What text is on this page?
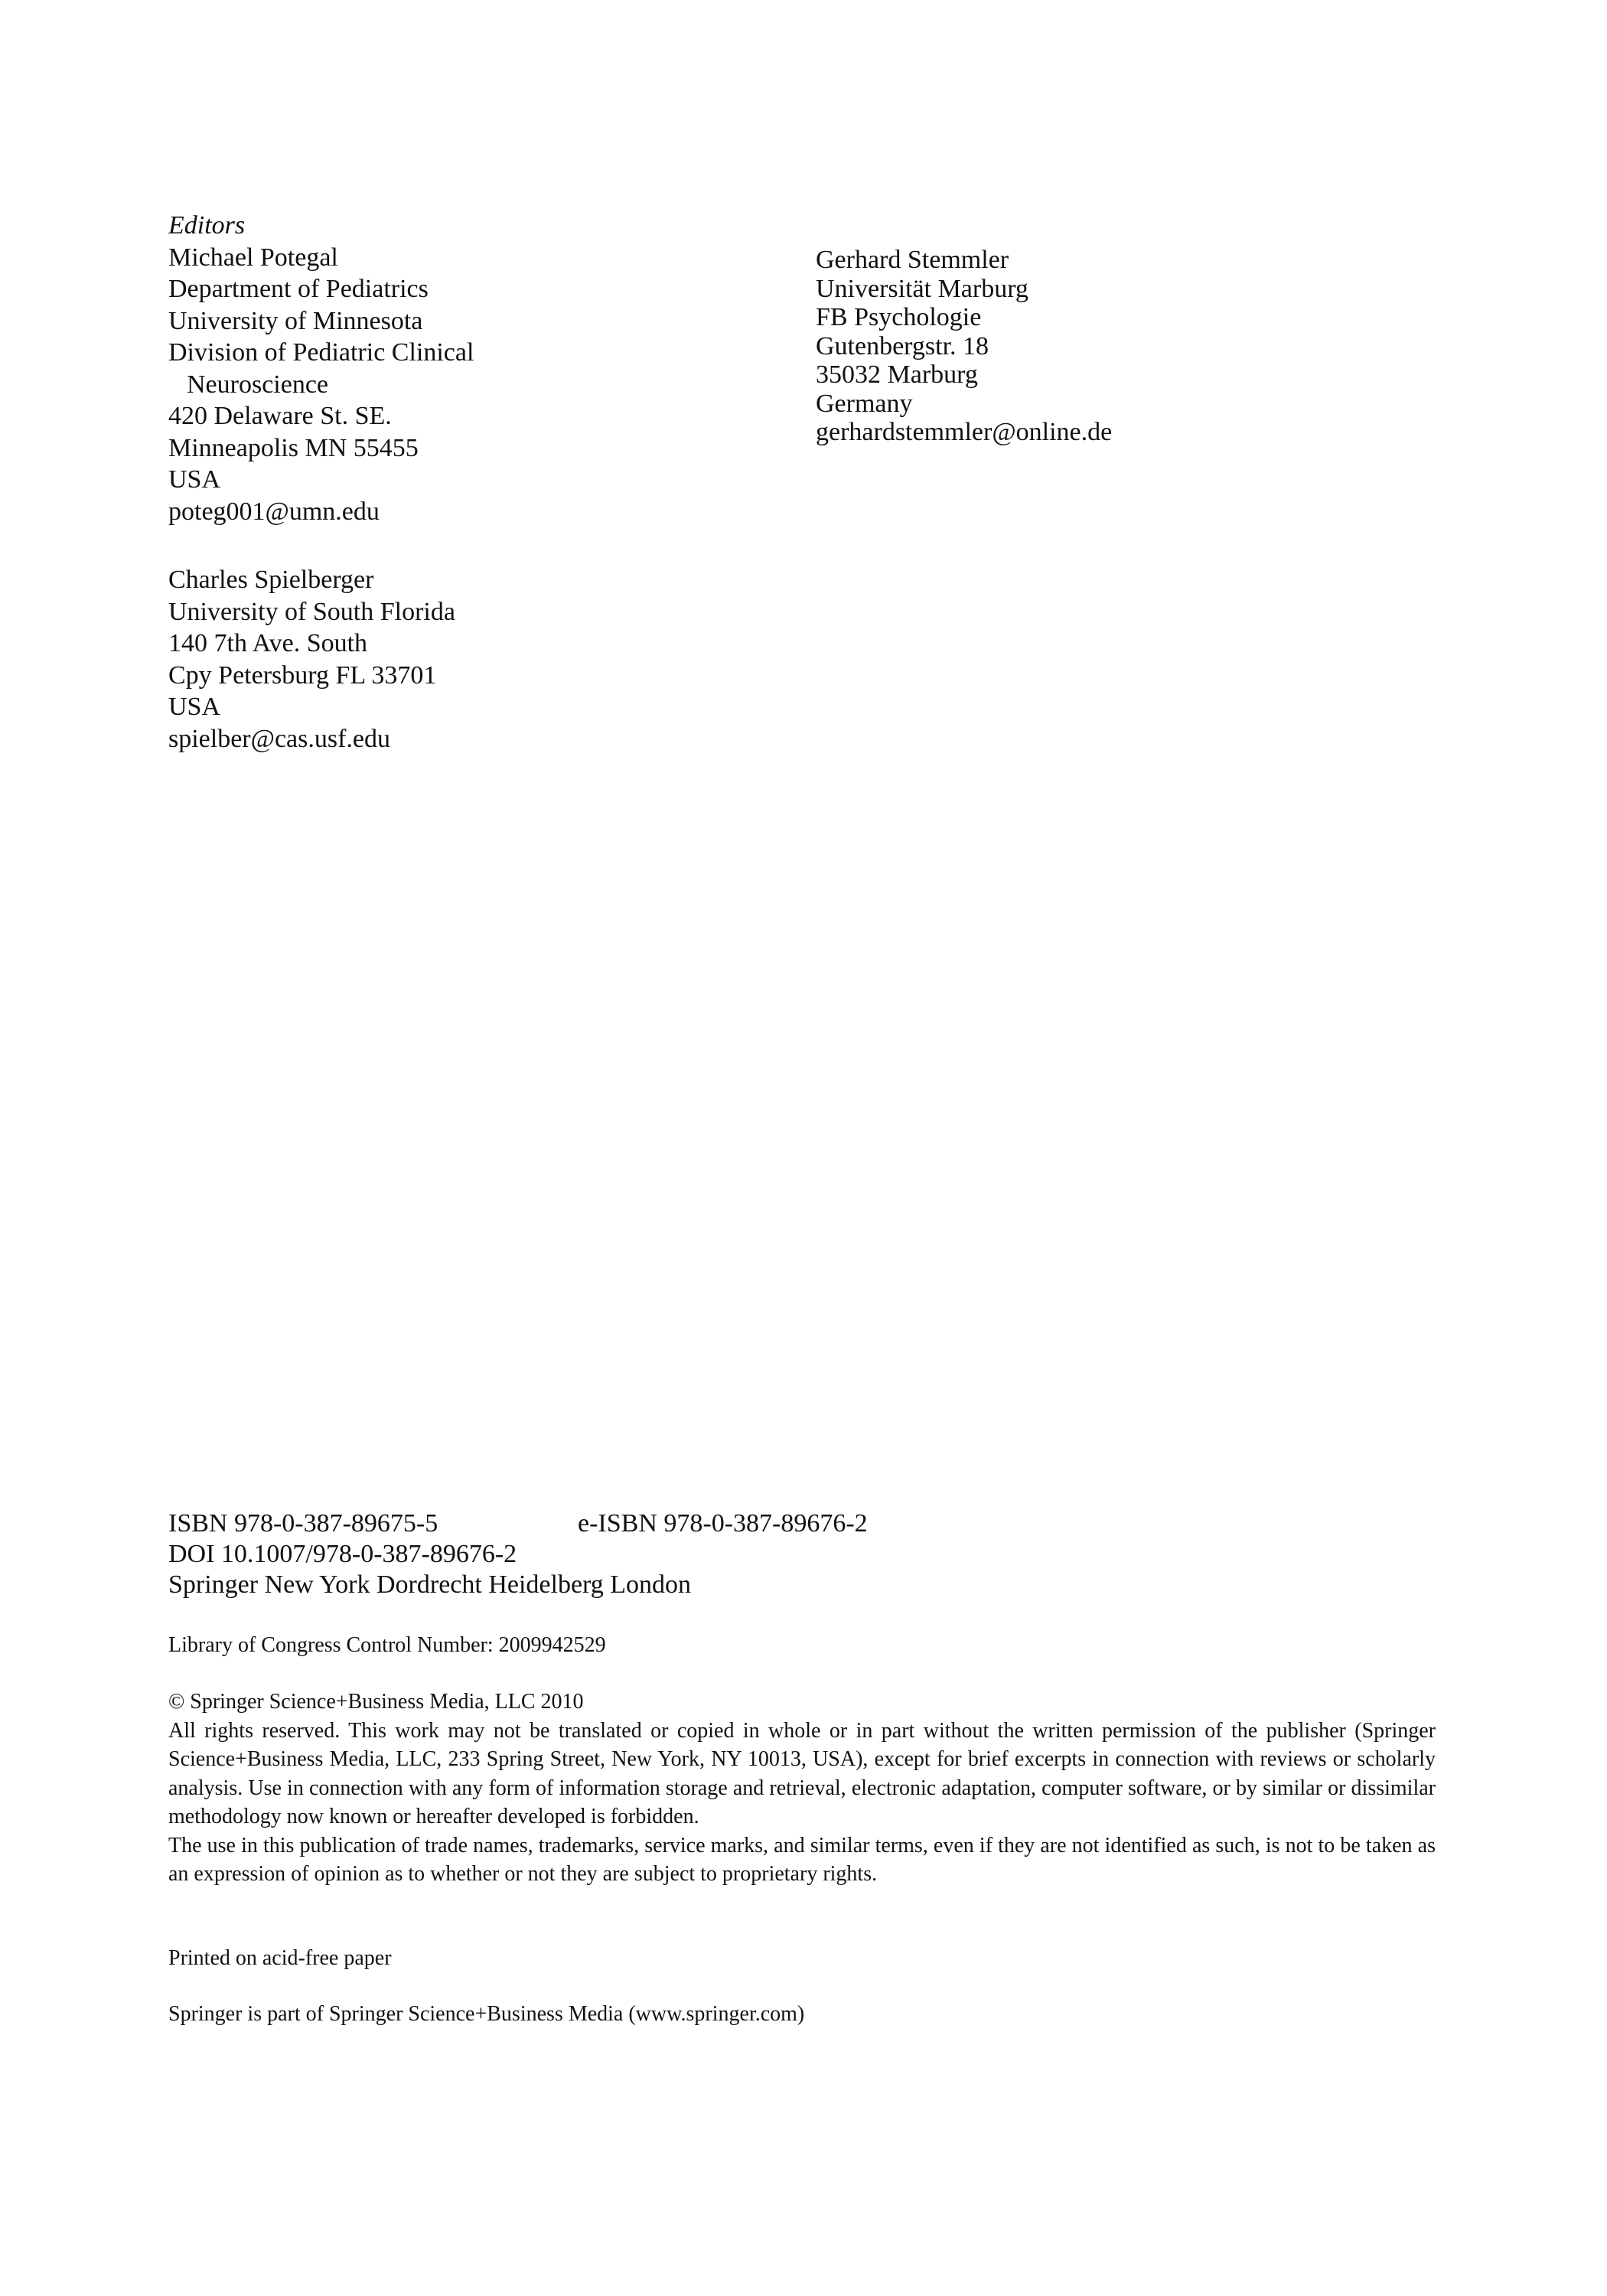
Editors
Michael Potegal
Department of Pediatrics
University of Minnesota
Division of Pediatric Clinical
Neuroscience
420 Delaware St. SE.
Minneapolis MN 55455
USA
poteg001@umn.edu
Charles Spielberger
University of South Florida
140 7th Ave. South
Cpy Petersburg FL 33701
USA
spielber@cas.usf.edu
Gerhard Stemmler
Universität Marburg
FB Psychologie
Gutenbergstr. 18
35032 Marburg
Germany
gerhardstemmler@online.de
ISBN 978-0-387-89675-5	e-ISBN 978-0-387-89676-2
DOI 10.1007/978-0-387-89676-2
Springer New York Dordrecht Heidelberg London
Library of Congress Control Number: 2009942529
© Springer Science+Business Media, LLC 2010
All rights reserved. This work may not be translated or copied in whole or in part without the written permission of the publisher (Springer Science+Business Media, LLC, 233 Spring Street, New York, NY 10013, USA), except for brief excerpts in connection with reviews or scholarly analysis. Use in connection with any form of information storage and retrieval, electronic adaptation, computer software, or by similar or dissimilar methodology now known or hereafter developed is forbidden.
The use in this publication of trade names, trademarks, service marks, and similar terms, even if they are not identified as such, is not to be taken as an expression of opinion as to whether or not they are subject to proprietary rights.
Printed on acid-free paper
Springer is part of Springer Science+Business Media (www.springer.com)
